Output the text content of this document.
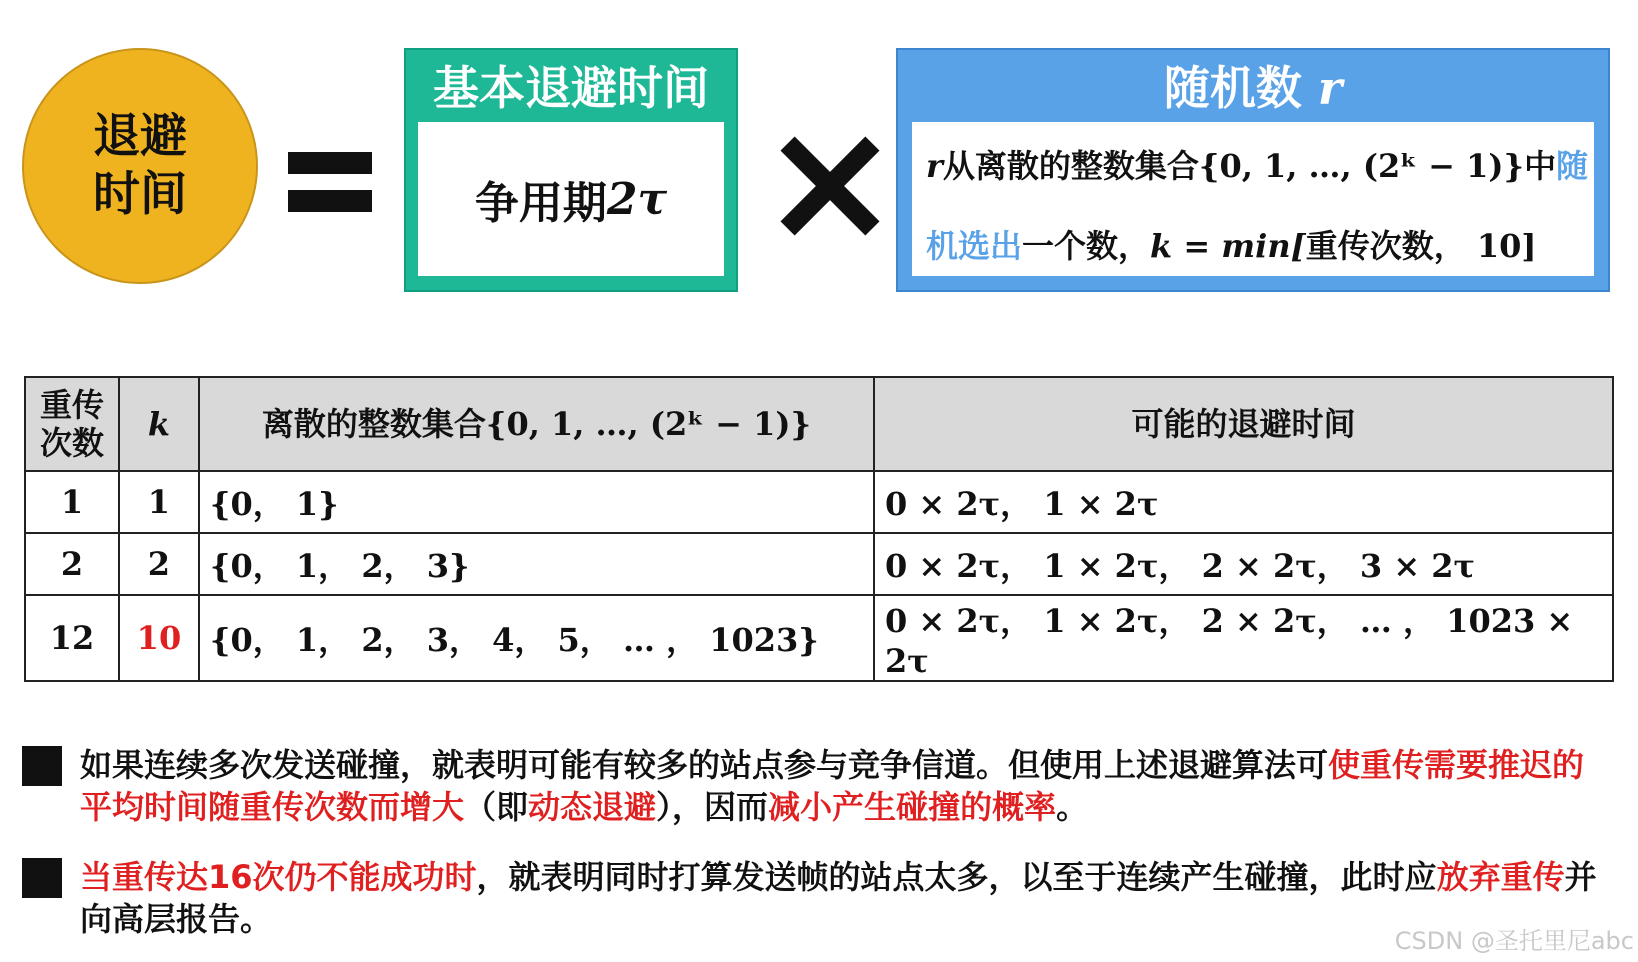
退避
时间
基本退避时间
争用期 2τ
随机数 r
r从离散的整数集合{0, 1, …, (2ᵏ − 1)}中随
机选出一个数，k = min[重传次数， 10]
重传次数	k	离散的整数集合{0, 1, …, (2ᵏ − 1)}	可能的退避时间
1	1	{0， 1}	0 × 2τ， 1 × 2τ
2	2	{0， 1， 2， 3}	0 × 2τ， 1 × 2τ， 2 × 2τ， 3 × 2τ
12	10	{0， 1， 2， 3， 4， 5， … ， 1023}	0 × 2τ， 1 × 2τ， 2 × 2τ， … ， 1023 × 2τ
如果连续多次发送碰撞，就表明可能有较多的站点参与竞争信道。但使用上述退避算法可使重传需要推迟的平均时间随重传次数而增大（即动态退避），因而减小产生碰撞的概率。
当重传达16次仍不能成功时，就表明同时打算发送帧的站点太多，以至于连续产生碰撞，此时应放弃重传并向高层报告。
CSDN @圣托里尼abc
